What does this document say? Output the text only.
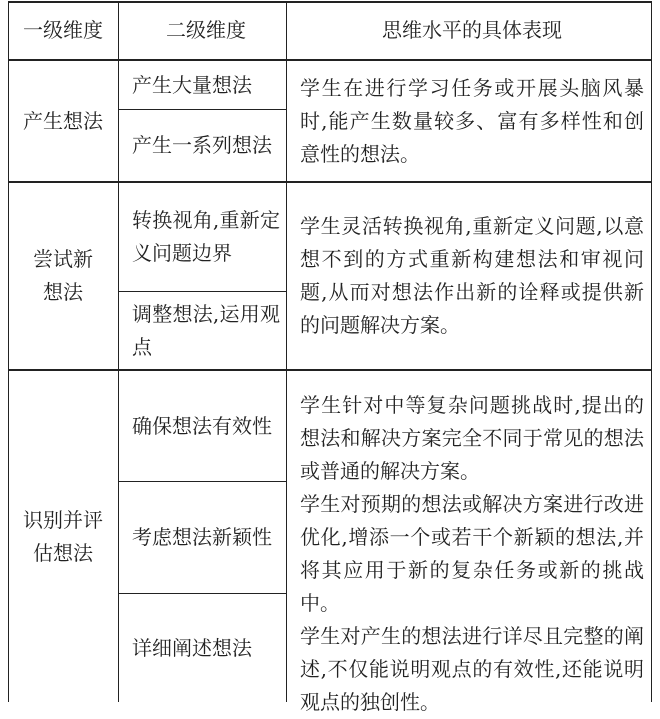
一级维度	二级维度	思维水平的具体表现
产生想法
产生大量想法
产生一系列想法
学生在进行学习任务或开展头脑风暴时,能产生数量较多、富有多样性和创意性的想法。
尝试新想法
转换视角,重新定义问题边界
调整想法,运用观点
学生灵活转换视角,重新定义问题,以意想不到的方式重新构建想法和审视问题,从而对想法作出新的诠释或提供新的问题解决方案。
识别并评估想法
确保想法有效性
考虑想法新颖性
详细阐述想法
学生针对中等复杂问题挑战时,提出的想法和解决方案完全不同于常见的想法或普通的解决方案。
学生对预期的想法或解决方案进行改进优化,增添一个或若干个新颖的想法,并将其应用于新的复杂任务或新的挑战中。
学生对产生的想法进行详尽且完整的阐述,不仅能说明观点的有效性,还能说明观点的独创性。
